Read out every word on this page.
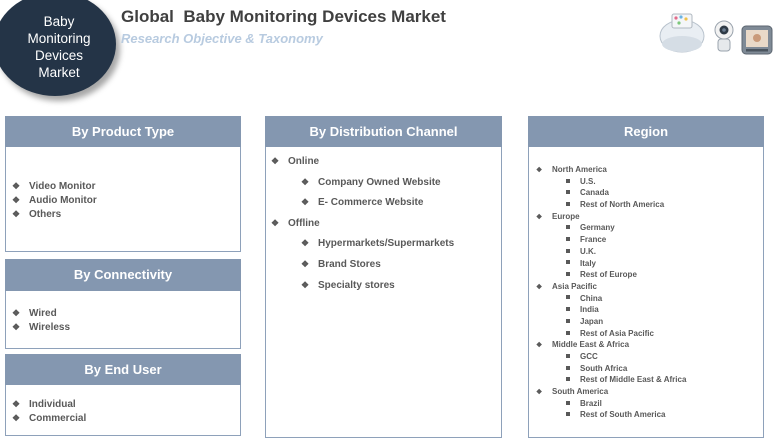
Baby
Monitoring
Devices
Market
Global  Baby Monitoring Devices Market
Research Objective & Taxonomy
By Product Type
❖ Video Monitor
❖ Audio Monitor
❖ Others
By Connectivity
❖ Wired
❖ Wireless
By End User
❖ Individual
❖ Commercial
By Distribution Channel
❖ Online
❖ Company Owned Website
❖ E- Commerce Website
❖ Offline
❖ Hypermarkets/Supermarkets
❖ Brand Stores
❖ Specialty stores
Region
❖ North America
U.S.
Canada
Rest of North America
❖ Europe
Germany
France
U.K.
Italy
Rest of Europe
❖ Asia Pacific
China
India
Japan
Rest of Asia Pacific
❖ Middle East & Africa
GCC
South Africa
Rest of Middle East & Africa
❖ South America
Brazil
Rest of South America
